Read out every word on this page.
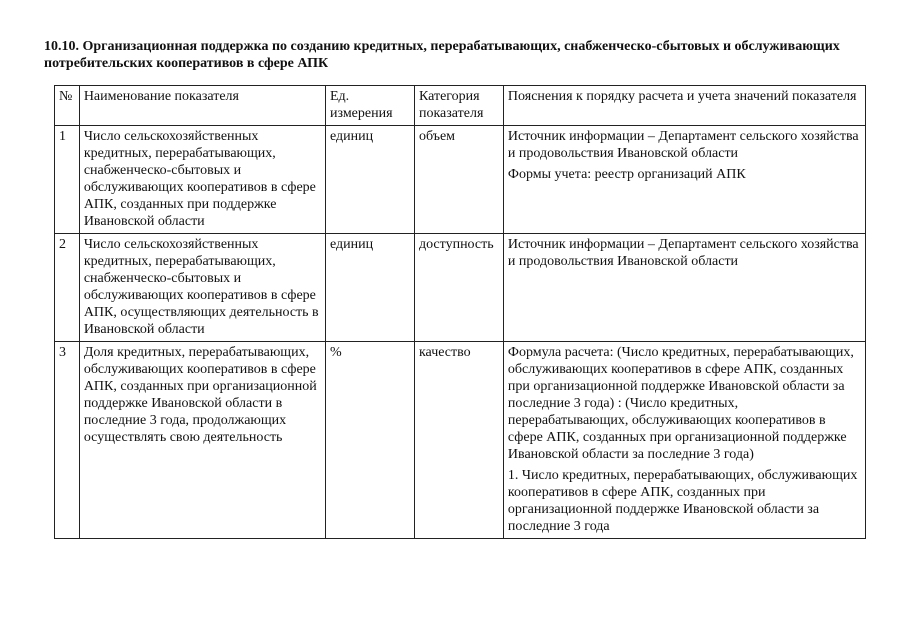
10.10. Организационная поддержка по созданию кредитных, перерабатывающих, снабженческо-сбытовых и обслуживающих потребительских кооперативов в сфере АПК
№	Наименование показателя	Ед. измерения	Категория показателя	Пояснения к порядку расчета и учета значений показателя
1	Число сельскохозяйственных кредитных, перерабатывающих, снабженческо-сбытовых и обслуживающих кооперативов в сфере АПК, созданных при поддержке Ивановской области	единиц	объем	Источник информации – Департамент сельского хозяйства и продовольствия Ивановской области
Формы учета: реестр организаций АПК

2	Число сельскохозяйственных кредитных, перерабатывающих, снабженческо-сбытовых и обслуживающих кооперативов в сфере АПК, осуществляющих деятельность в Ивановской области	единиц	доступность	Источник информации – Департамент сельского хозяйства и продовольствия Ивановской области

3	Доля кредитных, перерабатывающих, обслуживающих кооперативов в сфере АПК, созданных при организационной поддержке Ивановской области в последние 3 года, продолжающих осуществлять свою деятельность	%	качество	Формула расчета: (Число кредитных, перерабатывающих, обслуживающих кооперативов в сфере АПК, созданных при организационной поддержке Ивановской области за последние 3 года) : (Число кредитных, перерабатывающих, обслуживающих кооперативов в сфере АПК, созданных при организационной поддержке Ивановской области за последние 3 года)
1. Число кредитных, перерабатывающих, обслуживающих кооперативов в сфере АПК, созданных при организационной поддержке Ивановской области за последние 3 года
